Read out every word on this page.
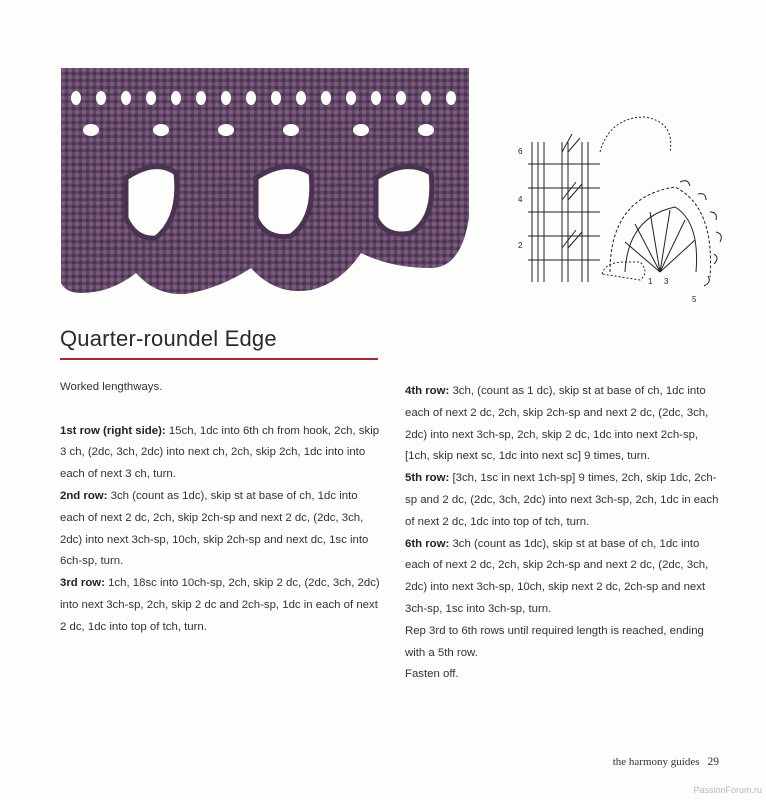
6
4
2
1 3
5
Quarter-roundel Edge

Worked lengthways.

1st row (right side): 15ch, 1dc into 6th ch from hook, 2ch, skip 3 ch, (2dc, 3ch, 2dc) into next ch, 2ch, skip 2ch, 1dc into into each of next 3 ch, turn.

2nd row: 3ch (count as 1dc), skip st at base of ch, 1dc into each of next 2 dc, 2ch, skip 2ch-sp and next 2 dc, (2dc, 3ch, 2dc) into next 3ch-sp, 10ch, skip 2ch-sp and next dc, 1sc into 6ch-sp, turn.

3rd row: 1ch, 18sc into 10ch-sp, 2ch, skip 2 dc, (2dc, 3ch, 2dc) into next 3ch-sp, 2ch, skip 2 dc and 2ch-sp, 1dc in each of next 2 dc, 1dc into top of tch, turn.

4th row: 3ch, (count as 1 dc), skip st at base of ch, 1dc into each of next 2 dc, 2ch, skip 2ch-sp and next 2 dc, (2dc, 3ch, 2dc) into next 3ch-sp, 2ch, skip 2 dc, 1dc into next 2ch-sp, [1ch, skip next sc, 1dc into next sc] 9 times, turn.

5th row: [3ch, 1sc in next 1ch-sp] 9 times, 2ch, skip 1dc, 2ch-sp and 2 dc, (2dc, 3ch, 2dc) into next 3ch-sp, 2ch, 1dc in each of next 2 dc, 1dc into top of tch, turn.

6th row: 3ch (count as 1dc), skip st at base of ch, 1dc into each of next 2 dc, 2ch, skip 2ch-sp and next 2 dc, (2dc, 3ch, 2dc) into next 3ch-sp, 10ch, skip next 2 dc, 2ch-sp and next 3ch-sp, 1sc into 3ch-sp, turn.

Rep 3rd to 6th rows until required length is reached, ending with a 5th row.

Fasten off.

the harmony guides 29
PassionForum.ru
